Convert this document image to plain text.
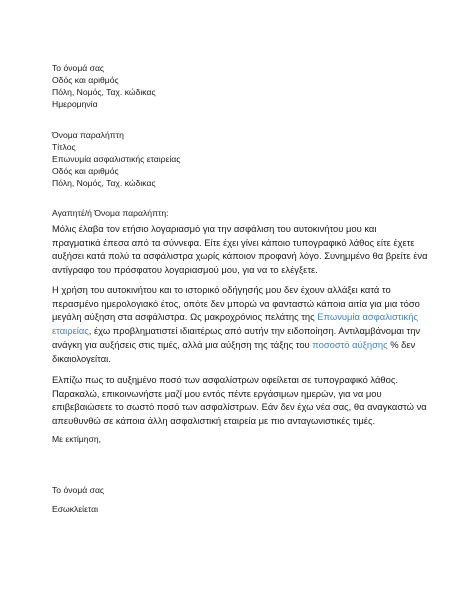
Το όνομά σας
Οδός και αριθμός
Πόλη, Νομός, Ταχ. κώδικας
Ημερομηνία
Όνομα παραλήπτη
Τίτλος
Επωνυμία ασφαλιστικής εταιρείας
Οδός και αριθμός
Πόλη, Νομός, Ταχ. κώδικας
Αγαπητέ/ή Όνομα παραλήπτη:
Μόλις έλαβα τον ετήσιο λογαριασμό για την ασφάλιση του αυτοκινήτου μου και
πραγματικά έπεσα από τα σύννεφα. Είτε έχει γίνει κάποιο τυπογραφικό λάθος είτε έχετε
αυξήσει κατά πολύ τα ασφάλιστρα χωρίς κάποιον προφανή λόγο. Συνημμένο θα βρείτε ένα
αντίγραφο του πρόσφατου λογαριασμού μου, για να το ελέγξετε.
Η χρήση του αυτοκινήτου και το ιστορικό οδήγησής μου δεν έχουν αλλάξει κατά το
περασμένο ημερολογιακό έτος, οπότε δεν μπορώ να φανταστώ κάποια αιτία για μια τόσο
μεγάλη αύξηση στα ασφάλιστρα. Ως μακροχρόνιος πελάτης της Επωνυμία ασφαλιστικής
εταιρείας, έχω προβληματιστεί ιδιαιτέρως από αυτήν την ειδοποίηση. Αντιλαμβάνομαι την
ανάγκη για αυξήσεις στις τιμές, αλλά μια αύξηση της τάξης του ποσοστό αύξησης % δεν
δικαιολογείται.
Ελπίζω πως το αυξημένο ποσό των ασφαλίστρων οφείλεται σε τυπογραφικό λάθος.
Παρακαλώ, επικοινωνήστε μαζί μου εντός πέντε εργάσιμων ημερών, για να μου
επιβεβαιώσετε το σωστό ποσό των ασφαλίστρων. Εάν δεν έχω νέα σας, θα αναγκαστώ να
απευθυνθώ σε κάποια άλλη ασφαλιστική εταιρεία με πιο ανταγωνιστικές τιμές.
Με εκτίμηση,
Το όνομά σας
Εσωκλείεται
